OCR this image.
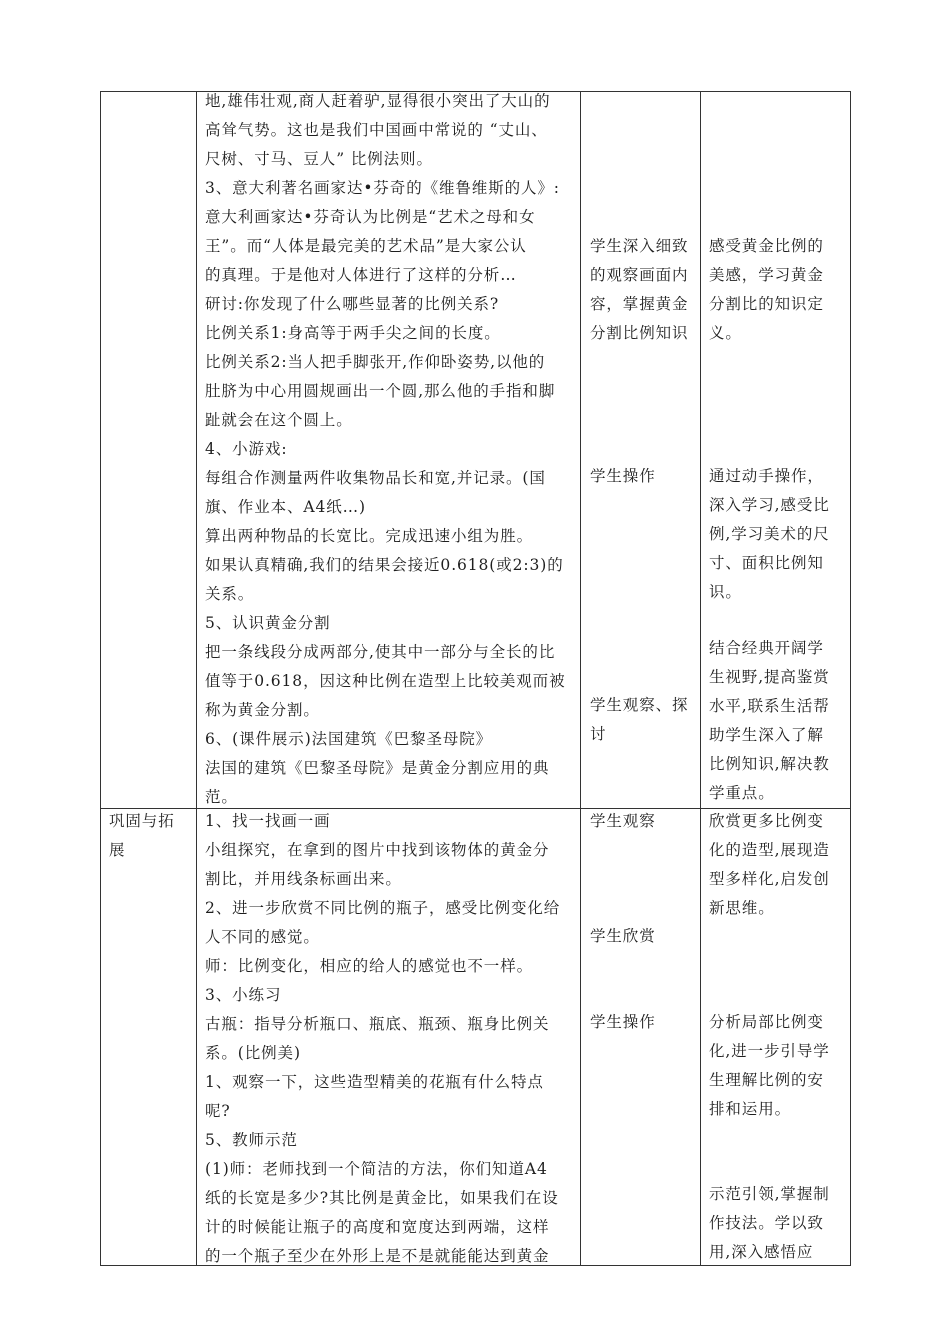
地,雄伟壮观,商人赶着驴,显得很小突出了大山的
高耸气势。这也是我们中国画中常说的 “丈山、
尺树、寸马、豆人” 比例法则。
3、意大利著名画家达•芬奇的《维鲁维斯的人》:
意大利画家达•芬奇认为比例是“艺术之母和女
王”。而“人体是最完美的艺术品”是大家公认
的真理。于是他对人体进行了这样的分析…
研讨:你发现了什么哪些显著的比例关系?
比例关系1:身高等于两手尖之间的长度。
比例关系2:当人把手脚张开,作仰卧姿势,以他的
肚脐为中心用圆规画出一个圆,那么他的手指和脚
趾就会在这个圆上。
4、小游戏:
每组合作测量两件收集物品长和宽,并记录。(国
旗、作业本、A4纸…)
算出两种物品的长宽比。完成迅速小组为胜。
如果认真精确,我们的结果会接近0.618(或2:3)的
关系。
5、认识黄金分割
把一条线段分成两部分,使其中一部分与全长的比
值等于0.618，因这种比例在造型上比较美观而被
称为黄金分割。
6、(课件展示)法国建筑《巴黎圣母院》
法国的建筑《巴黎圣母院》是黄金分割应用的典
范。
学生深入细致
的观察画面内
容，掌握黄金
分割比例知识
学生操作
学生观察、探
讨
感受黄金比例的
美感，学习黄金
分割比的知识定
义。
通过动手操作，
深入学习,感受比
例,学习美术的尺
寸、面积比例知
识。
结合经典开阔学
生视野,提高鉴赏
水平,联系生活帮
助学生深入了解
比例知识,解决教
学重点。
巩固与拓
展
1、找一找画一画
小组探究，在拿到的图片中找到该物体的黄金分
割比，并用线条标画出来。
2、进一步欣赏不同比例的瓶子，感受比例变化给
人不同的感觉。
师：比例变化，相应的给人的感觉也不一样。
3、小练习
古瓶：指导分析瓶口、瓶底、瓶颈、瓶身比例关
系。(比例美)
1、观察一下，这些造型精美的花瓶有什么特点
呢?
5、教师示范
(1)师：老师找到一个简洁的方法，你们知道A4
纸的长宽是多少?其比例是黄金比，如果我们在设
计的时候能让瓶子的高度和宽度达到两端，这样
的一个瓶子至少在外形上是不是就能能达到黄金
学生观察
学生欣赏
学生操作
欣赏更多比例变
化的造型,展现造
型多样化,启发创
新思维。
分析局部比例变
化,进一步引导学
生理解比例的安
排和运用。
示范引领,掌握制
作技法。学以致
用,深入感悟应
